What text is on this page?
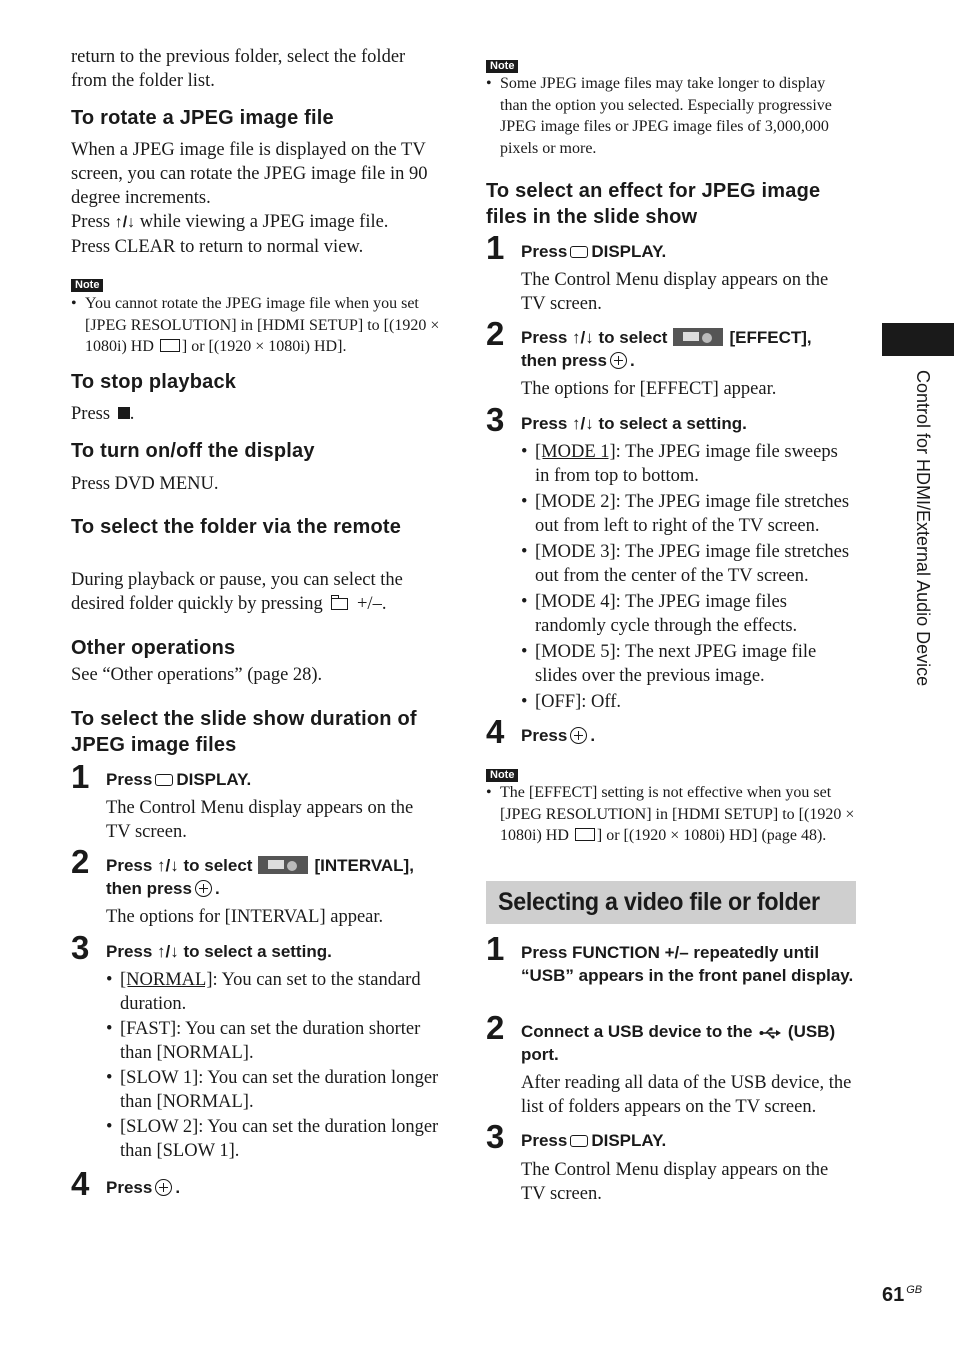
return to the previous folder, select the folder from the folder list.
To rotate a JPEG image file
When a JPEG image file is displayed on the TV screen, you can rotate the JPEG image file in 90 degree increments.
Press ↑/↓ while viewing a JPEG image file.
Press CLEAR to return to normal view.
Note
• You cannot rotate the JPEG image file when you set [JPEG RESOLUTION] in [HDMI SETUP] to [(1920 × 1080i) HD ] or [(1920 × 1080i) HD].
To stop playback
Press .
To turn on/off the display
Press DVD MENU.
To select the folder via the remote
During playback or pause, you can select the desired folder quickly by pressing  +/–.
Other operations
See “Other operations” (page 28).
To select the slide show duration of JPEG image files
1 Press DISPLAY.
The Control Menu display appears on the TV screen.
2 Press ↑/↓ to select	[INTERVAL],
then press .
The options for [INTERVAL] appear.
3 Press ↑/↓ to select a setting.
• [NORMAL]: You can set to the standard duration.
• [FAST]: You can set the duration shorter than [NORMAL].
• [SLOW 1]: You can set the duration longer than [NORMAL].
• [SLOW 2]: You can set the duration longer than [SLOW 1].
4 Press .
Note
• Some JPEG image files may take longer to display than the option you selected. Especially progressive JPEG image files or JPEG image files of 3,000,000 pixels or more.
To select an effect for JPEG image files in the slide show
1 Press DISPLAY.
The Control Menu display appears on the TV screen.
2 Press ↑/↓ to select	[EFFECT],
then press .
The options for [EFFECT] appear.
3 Press ↑/↓ to select a setting.
• [MODE 1]: The JPEG image file sweeps in from top to bottom.
• [MODE 2]: The JPEG image file stretches out from left to right of the TV screen.
• [MODE 3]: The JPEG image file stretches out from the center of the TV screen.
• [MODE 4]: The JPEG image files randomly cycle through the effects.
• [MODE 5]: The next JPEG image file slides over the previous image.
• [OFF]: Off.
4 Press .
Note
• The [EFFECT] setting is not effective when you set [JPEG RESOLUTION] in [HDMI SETUP] to [(1920 × 1080i) HD ] or [(1920 × 1080i) HD] (page 48).
Selecting a video file or folder
1 Press FUNCTION +/– repeatedly until “USB” appears in the front panel display.
2 Connect a USB device to the (USB) port.
After reading all data of the USB device, the list of folders appears on the TV screen.
3 Press DISPLAY.
The Control Menu display appears on the TV screen.
Control for HDMI/External Audio Device
61 $^{GB}$
